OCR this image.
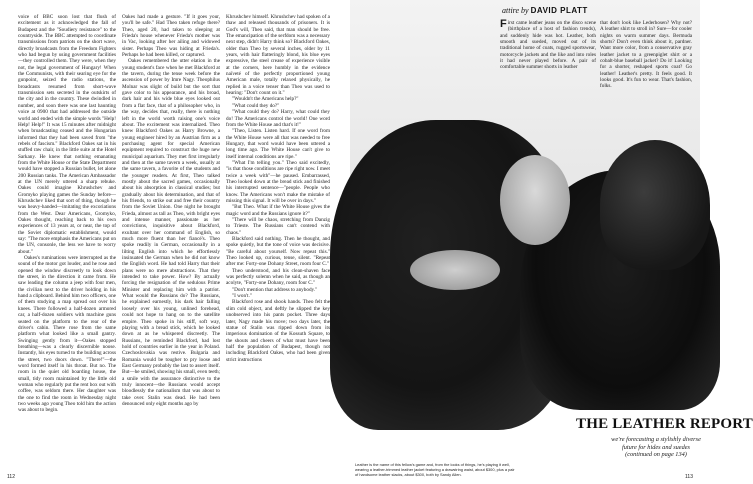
voice of BBC soon lost that flush of excitement as it acknowledged the fall of Budapest and the "Soudiery resistance" to the countryside. The BBC attempted to coordinate transmissions from patriots on the short wave, directly broadcasts from the Freedom Fighters who had begun by using government facilities—they controlled them. They were, when they not, the legal government of Hungary! When the Communists, with their searing eye for the gunpoint, seized the radio stations, the broadcasts resumed from short-wave transmission sets secreted in the outskirts of the city and in the country. These dwindled in number, and soon there was one last haunting voice at 0900 that had addressed the outside world and ended with the simple words "Help! Help! Help!" It was 15 minutes after midnight when broadcasting ceased and the Hungarian informed that they had been saved from "the rebels of fascism." Blackford Oakes sat in his stuffed raw chair, in the little suite at the Hotel Sarkany. He knew that nothing emanating from the White House or the State Department would have stopped a Russian bullet, let alone 200 Russian tanks. The American Ambassador at the UN merely uttered a sharp rebuke. Oakes could imagine Khrushchev and Gromyko playing games the Sunday before—Khrushchev liked that sort of thing, though he was heavy-handed—imitating the excoriations from the West. Dear Americans, Gromyko, Oakes thought, reaching back to his own experiences of 13 years at, or near, the top of the Soviet diplomatic establishment, would say: "The more emphasis the Americans put on the UN, consonle, the less we have to worry about."

Oakes's ruminations were interrupted as the sound of the motor got louder, and he rose and opened the window discreetly to look down the street, in the direction it came from. He saw leading the column a jeep with four men, the civilian next to the driver holding in his hand a clipboard. Behind him two officers, one of them studying a map spread out over his knees. There followed a half-dozen armored car, a half-dozen soldiers with machine guns seated on the platform to the rear of the driver's cabin. There rose from the same platform what looked like a small gantry. Swinging gently from it—Oakes stopped breathing—was a clearly discernible noose. Instantly, his eyes turned to the building across the street, two doors down. "There!"—the word formed itself in his throat. But no. The room in the quiet old boarding house, the small, tidy room maintained by the little old woman who regularly put the rent box out with coffee, was seldom there. Her daughter was the one to find the room in Wednesday night two weeks ago young Theo told him the action was about to begin.

Oakes had made a gesture. "If it goes your, you'll be safe." Had Theo taken refuge there? Theo, aged 20, had taken to sleeping at Frieda's house whenever Frieda's mother was in Vac, looking after her ailing and widowed sister. Perhaps Theo was hiding at Frieda's. Perhaps he had been killed, or captured.

Oakes remembered the utter elation in the young student's face when he met Blackford at the tavern, during the tense week before the ascension of power by Imre Nagy. Theophilus Molnar was slight of build but the sort that gave color to his appearance, and his broad, dark hair and his wide blue eyes looked out from a flat face, that of a philosopher who, in the way, decides that, really, there is nothing left in the world worth raising one's voice about. The excitement was internalized. Theo knew Blackford Oakes as Harry Browne, a young engineer hired by an Austrian firm as a purchasing agent for special American equipment required to construct the huge new municipal aquarium. They met first irregularly and then at the same tavern a week, usually at the same tavern, a favorite of the students and the younger readers. At first, Theo talked mostly about the sacred games, occasionally about his absorption in classical studies; but gradually about his determination, and that of his friends, to strike out and free their country from the Soviet Union. One night he brought Frieda, almost as tall as Theo, with bright eyes and intense manner, passionate as her convictions, inquisitive about Blackford, exultant over her command of English, so much more fluent than her fiancé's. Theo spoke readily in German, occasionally in a lilting English into which he effortlessly insinuated the German when he did not know the English word. He had told Harry that their plans were no mere abstractions. That they intended to take power. How? By actually forcing the resignation of the sedulous Prime Minister and replacing him with a patriot. What would the Russians do? The Russians, he explained earnestly, his dark hair falling loosely over his young, unlined forehead, could not hope to hang on to the satellite empire. Theo spoke in his stiff, soft way, playing with a bread stick, which he looked down at as he whispered discreetly. The Russians, he reminded Blackford, had lost hold of countries earlier in the year in Poland. Czechoslovakia was restive. Bulgaria and Romania would be tougher to pry loose and East Germany probably the last to assert itself. But—he smiled, showing his small, even teeth; a smile with the assurance distinctive to the truly innocent—the Russians would accept bloodlessly the nationalism that was about to take over. Stalin was dead. He had been denounced only eight months ago by

Khrushchev himself. Khrushchev had spoken of a thaw and released thousands of prisoners. It is God's will, Theo said, that man should be free. The emancipation of the serfdom was a necessary next step, didn't Harry think so? Blackford Oakes, older than Theo by several inches, older by 11 years, with hair flatteringly blond, his blue eyes expressive, the steel crease of experience visible at the corners, here humbly in the evidence naïveté of the perfectly proportioned young American male, totally relaxed physically, he replied in a voice tenser than Theo was used to hearing: "Don't count on it."

"Wouldn't the Americans help?"

"What could they do?"

"What could they do? Harry, what could they do! The Americans control the world! One word from the White House and that's it!"

"Theo, Listen. Listen hard. If one word from the White House were all that was needed to free Hungary, that word would have been uttered a long time ago. The White House can't give to itself internal conditions are ripe."

"What I'm telling you." Theo said excitedly, "is that those conditions are ripe right now. I meet twice a week with"—he paused. Embarrassed, Theo looked down at the bread stick and finished his interrupted sentence—"people. People who know. The Americans won't make the mistake of missing this signal. It will be over in days."

"But Theo. What if the White House gives the magic word and the Russians ignore it?"

"There will be chaos, stretching from Danzig to Trieste. The Russians can't contend with chaos."

Blackford said nothing. Then he thought, and spoke quietly, but the tone of voice was decisive. "Be careful about yourself. Now repeat this." Theo looked up, curious, tense, silent. "Repeat after me: Forty-one Dohany Street, room four C."

Theo understood, and his clean-shaven face was perfectly solemn when he said, as though an acolyte, "Forty-one Dohany, room four C."

"Don't mention that address to anybody."

"I won't."

Blackford rose and shook hands. Theo felt the slim cold object, and deftly he slipped the key unobserved into his pants pocket. Three days later, Nagy made his move; two days later, the statue of Stalin was ripped down from its imperious domination of the Kossuth Square, to the shouts and cheers of what must have been half the population of Budapest, though not including Blackford Oakes, who had been given strict instructions

112
attire by DAVID PLATT

First came leather jeans on the disco scene (birthplace of a host of fashion trends), and suddenly hide was hot. Leather, both smooth and sueded, moved out of its traditional home of coats, rugged sportswear, motorcycle jackets and the like and into roles it had never played before. A pair of comfortable summer shorts in leather

that don't look like Lederhosen? Why not? A leather shirt to stroll in? Sure—for cooler nights on warm summer days. Bermuda shorts? Don't even think about it, pardner. Want more color, from a conservative gray leather jacket to a greenpiglet shirt or a cobalt-blue baseball jacket? Do it! Looking for a shorter, reshaped sports coat? Go leather! Leather's pretty. It feels good. It looks good. It's fun to wear. That's fashion, folks.

THE LEATHER REPORT
we're forecasting a stylishly diverse future for hides and suedes
(continued on page 134)
Leather is the name of this fellow's game and, from the looks of things, he's playing it well, wearing a leather-trimmed leather jacket featuring a drawstring waist, about $300, plus a pair of handsome leather slacks, about $300, both by Sandy Allen.	113
